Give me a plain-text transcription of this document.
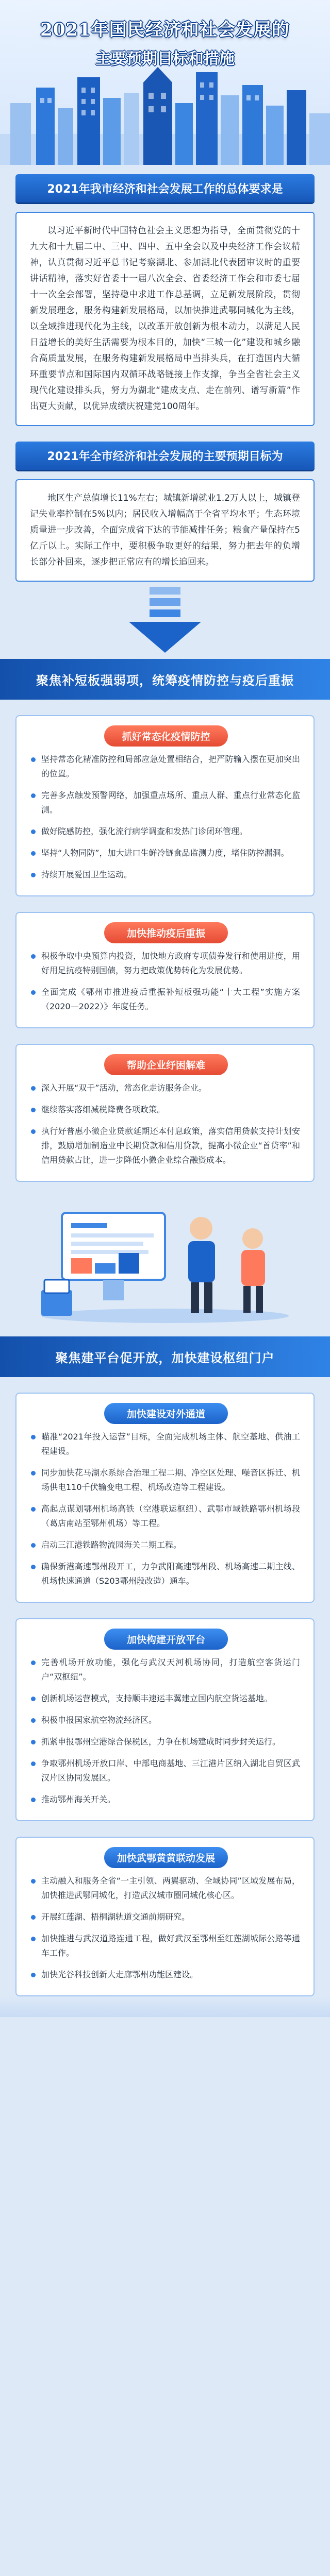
2021年国民经济和社会发展的
主要预期目标和措施
2021年我市经济和社会发展工作的总体要求是
以习近平新时代中国特色社会主义思想为指导，全面贯彻党的十九大和十九届二中、三中、四中、五中全会以及中央经济工作会议精神，认真贯彻习近平总书记考察湖北、参加湖北代表团审议时的重要讲话精神，落实好省委十一届八次全会、省委经济工作会和市委七届十一次全会部署，坚持稳中求进工作总基调，立足新发展阶段，贯彻新发展理念，服务构建新发展格局，以加快推进武鄂同城化为主线，以全域推进现代化为主线，以改革开放创新为根本动力，以满足人民日益增长的美好生活需要为根本目的，加快“三城一化”建设和城乡融合高质量发展，在服务构建新发展格局中当排头兵，在打造国内大循环重要节点和国际国内双循环战略链接上作支撑，争当全省社会主义现代化建设排头兵，努力为湖北“建成支点、走在前列、谱写新篇”作出更大贡献，以优异成绩庆祝建党100周年。
2021年全市经济和社会发展的主要预期目标为
地区生产总值增长11%左右；城镇新增就业1.2万人以上，城镇登记失业率控制在5%以内；居民收入增幅高于全省平均水平；生态环境质量进一步改善，全面完成省下达的节能减排任务；粮食产量保持在5亿斤以上。实际工作中，要积极争取更好的结果，努力把去年的负增长部分补回来，逐步把正常应有的增长追回来。
聚焦补短板强弱项，统筹疫情防控与疫后重振
抓好常态化疫情防控
坚持常态化精准防控和局部应急处置相结合，把严防输入摆在更加突出的位置。
完善多点触发预警网络，加强重点场所、重点人群、重点行业常态化监测。
做好院感防控，强化流行病学调查和发热门诊闭环管理。
坚持“人物同防”，加大进口生鲜冷链食品监测力度，堵住防控漏洞。
持续开展爱国卫生运动。
加快推动疫后重振
积极争取中央预算内投资，加快地方政府专项债券发行和使用进度，用好用足抗疫特别国债，努力把政策优势转化为发展优势。
全面完成《鄂州市推进疫后重振补短板强功能“十大工程”实施方案（2020—2022）》年度任务。
帮助企业纾困解难
深入开展“双千”活动，常态化走访服务企业。
继续落实落细减税降费各项政策。
执行好普惠小微企业贷款延期还本付息政策，落实信用贷款支持计划安排，鼓励增加制造业中长期贷款和信用贷款，提高小微企业“首贷率”和信用贷款占比，进一步降低小微企业综合融资成本。
聚焦建平台促开放，加快建设枢纽门户
加快建设对外通道
瞄准“2021年投入运营”目标，全面完成机场主体、航空基地、供油工程建设。
同步加快花马湖水系综合治理工程二期、净空区处理、噪音区拆迁、机场供电110千伏输变电工程、机场改造等工程建设。
高起点谋划鄂州机场高铁（空港联运枢纽）、武鄂市域铁路鄂州机场段（葛店南站至鄂州机场）等工程。
启动三江港铁路物流园海关二期工程。
确保新港高速鄂州段开工，力争武阳高速鄂州段、机场高速二期主线、机场快速通道（S203鄂州段改造）通车。
加快构建开放平台
完善机场开放功能，强化与武汉天河机场协同，打造航空客货运门户“双枢纽”。
创新机场运营模式，支持顺丰速运丰翼建立国内航空货运基地。
积极申报国家航空物流经济区。
抓紧申报鄂州空港综合保税区，力争在机场建成时同步封关运行。
争取鄂州机场开放口岸、中部电商基地、三江港片区纳入湖北自贸区武汉片区协同发展区。
推动鄂州海关开关。
加快武鄂黄黄联动发展
主动融入和服务全省“一主引领、两翼驱动、全域协同”区域发展布局，加快推进武鄂同城化，打造武汉城市圈同城化核心区。
开展红莲湖、梧桐湖轨道交通前期研究。
加快推进与武汉道路连通工程，做好武汉至鄂州至红莲湖城际公路等通车工作。
加快光谷科技创新大走廊鄂州功能区建设。
